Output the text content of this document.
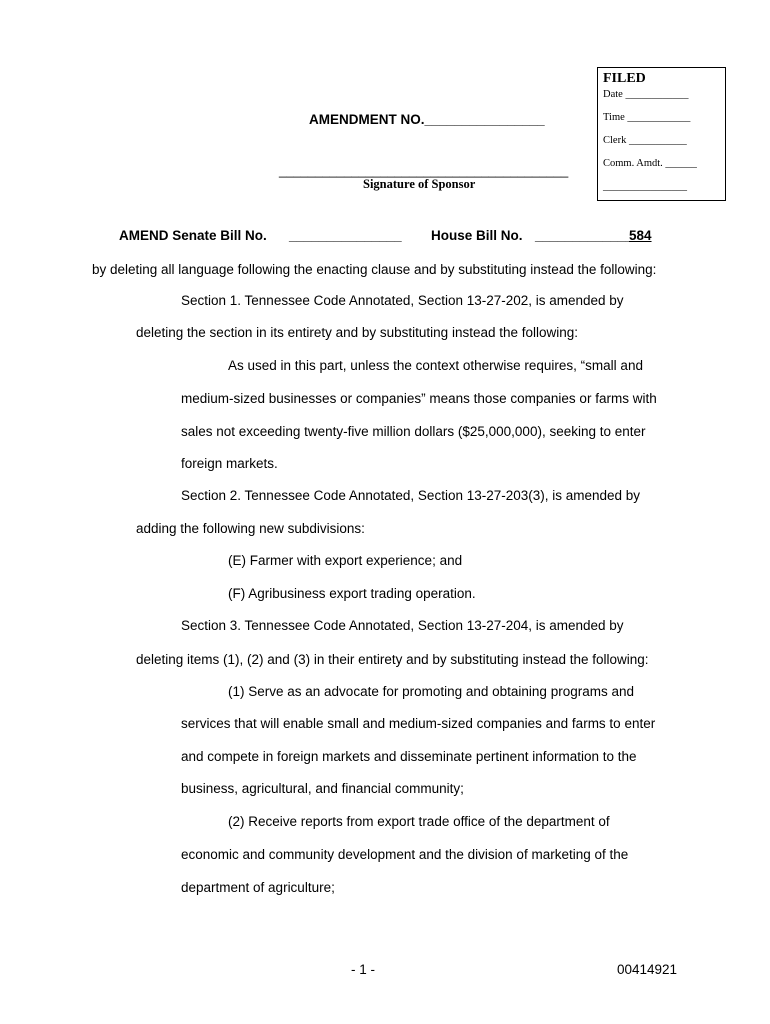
FILED
Date ____________
Time ____________
Clerk ___________
Comm. Amdt. ______
________________
AMENDMENT NO.________________
________________________________________
Signature of Sponsor
AMEND Senate Bill No. _______________ House Bill No. _____________
584
by deleting all language following the enacting clause and by substituting instead the following:
Section 1. Tennessee Code Annotated, Section 13-27-202, is amended by
deleting the section in its entirety and by substituting instead the following:
As used in this part, unless the context otherwise requires, “small and
medium-sized businesses or companies” means those companies or farms with
sales not exceeding twenty-five million dollars ($25,000,000), seeking to enter
foreign markets.
Section 2. Tennessee Code Annotated, Section 13-27-203(3), is amended by
adding the following new subdivisions:
(E) Farmer with export experience; and
(F) Agribusiness export trading operation.
Section 3. Tennessee Code Annotated, Section 13-27-204, is amended by
deleting items (1), (2) and (3) in their entirety and by substituting instead the following:
(1) Serve as an advocate for promoting and obtaining programs and
services that will enable small and medium-sized companies and farms to enter
and compete in foreign markets and disseminate pertinent information to the
business, agricultural, and financial community;
(2) Receive reports from export trade office of the department of
economic and community development and the division of marketing of the
department of agriculture;
- 1 -	00414921
